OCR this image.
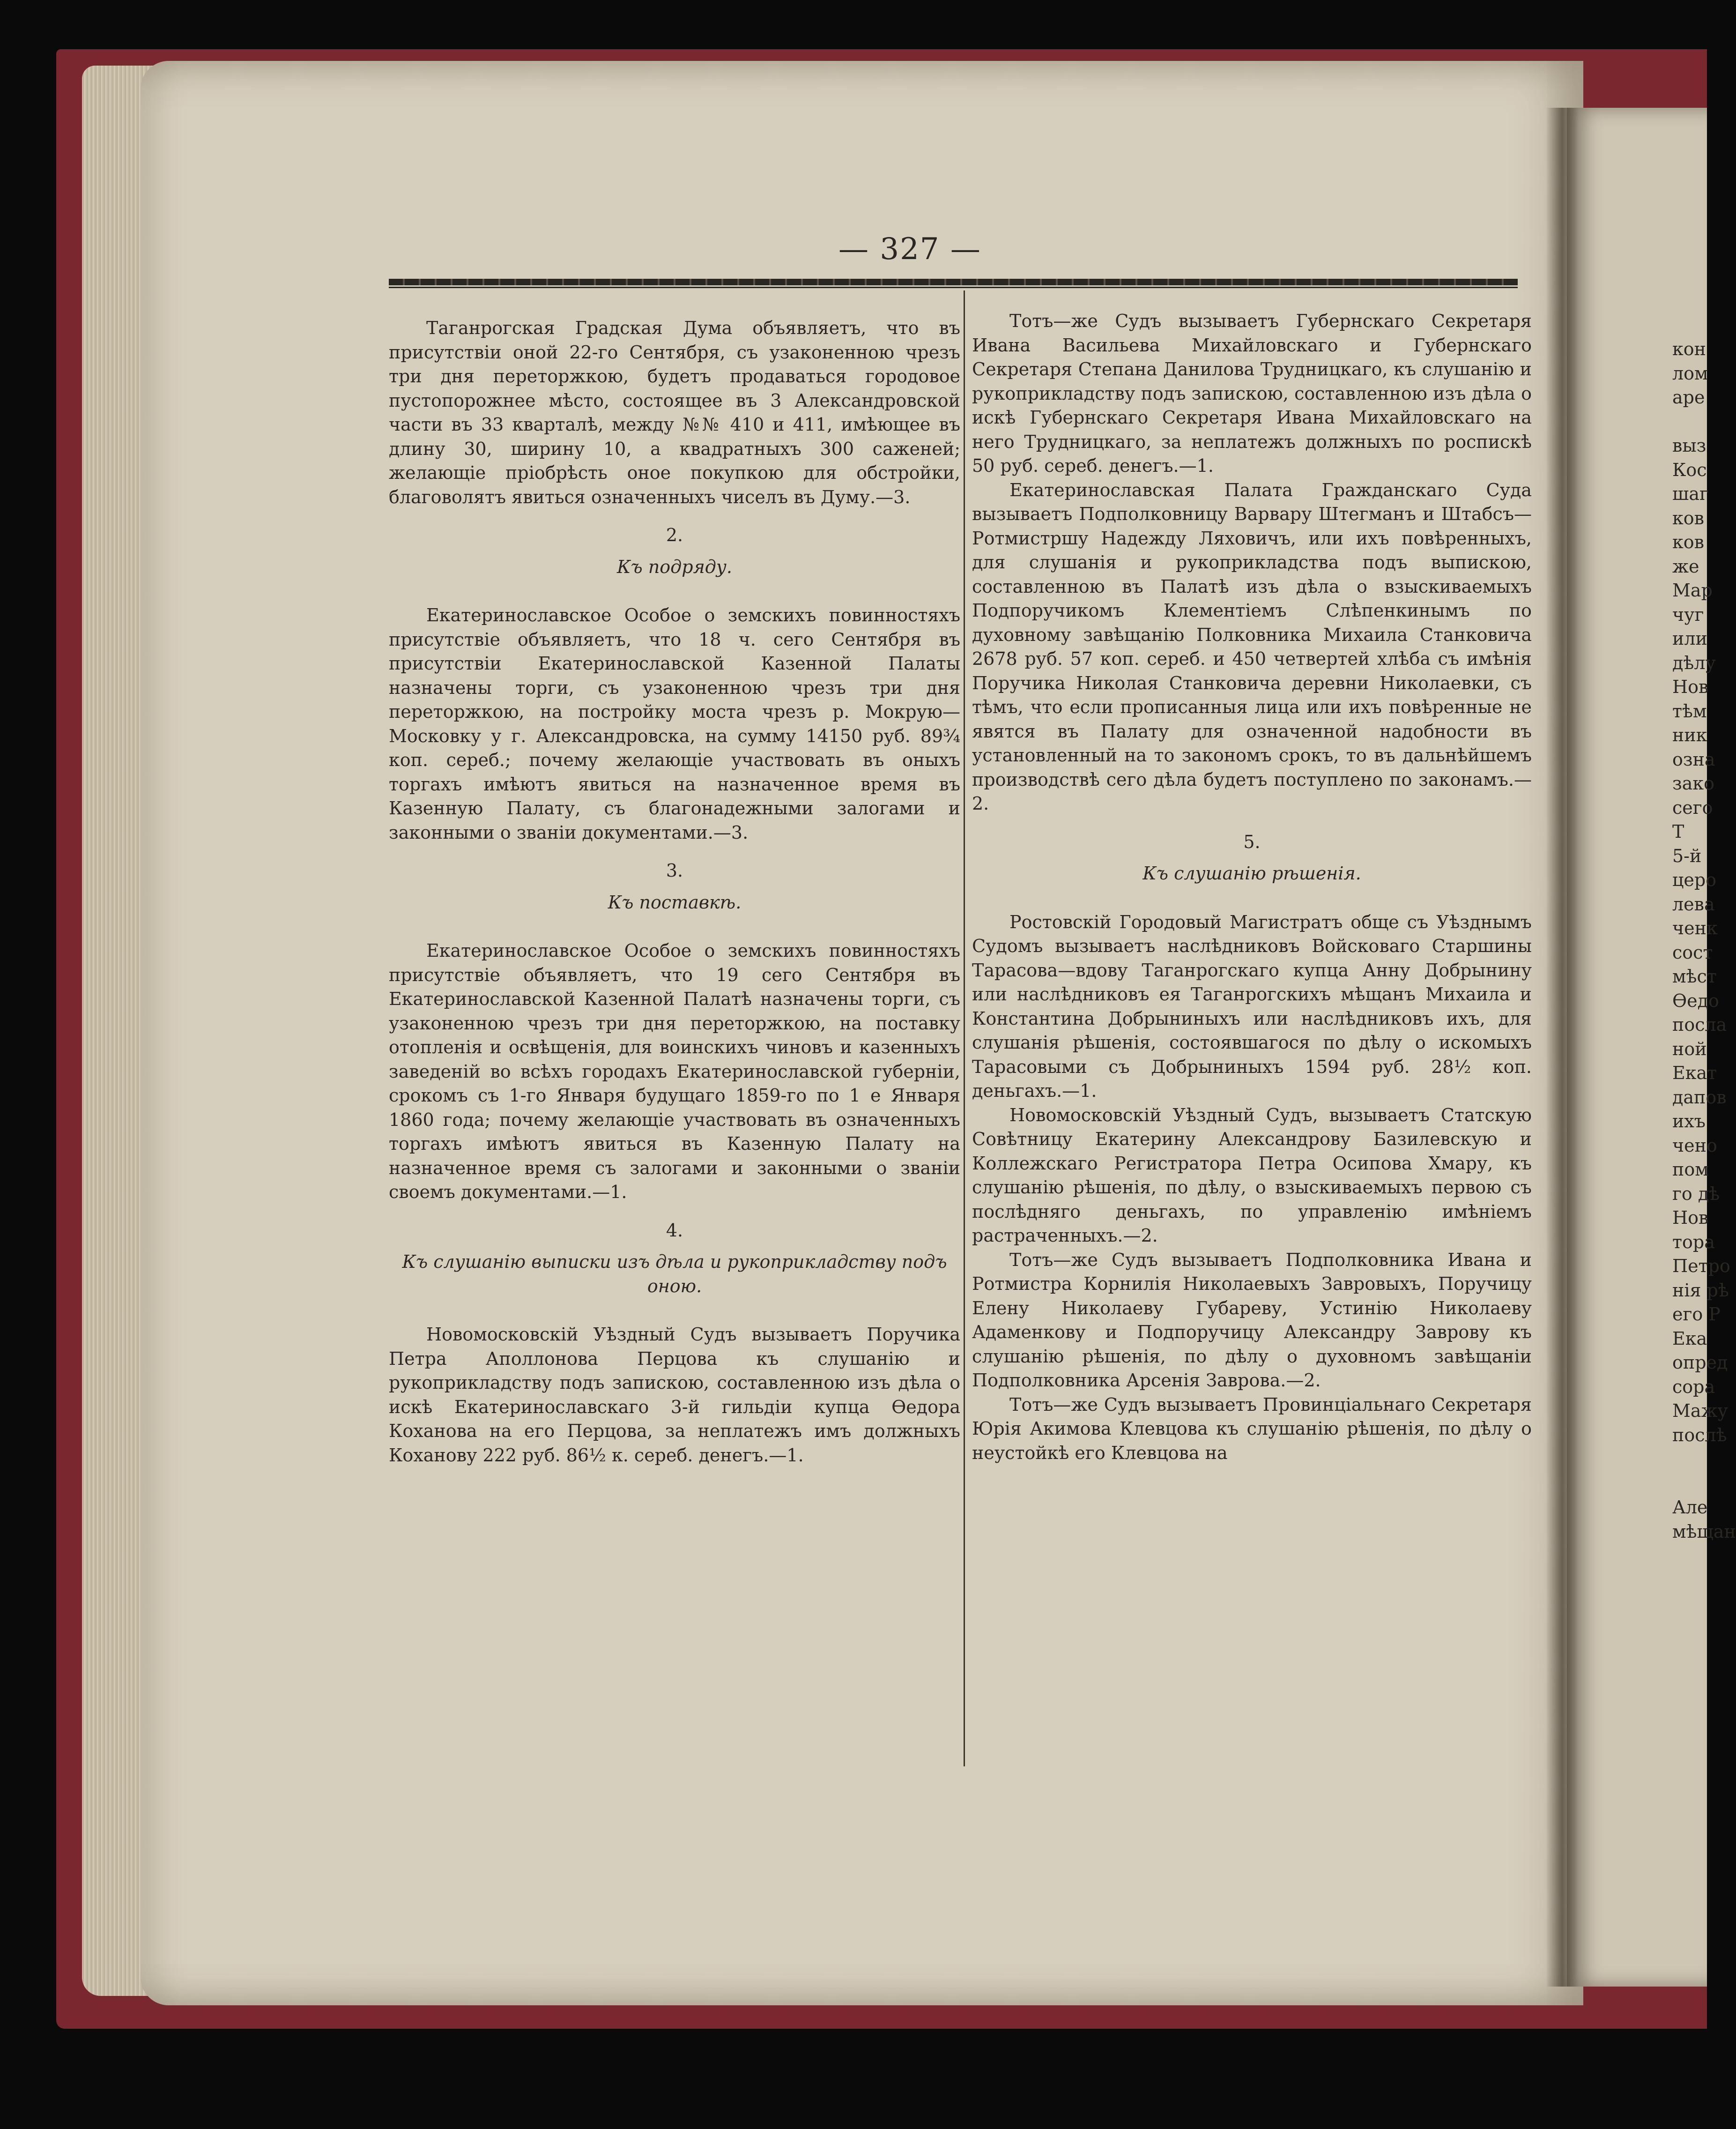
— 327 —

Таганрогская Градская Дума объявляетъ, что въ присутствіи оной 22-го Сентября, съ узаконенною чрезъ три дня переторжкою, будетъ продаваться городовое пустопорожнее мѣсто, состоящее въ 3 Александровской части въ 33 кварталѣ, между №№ 410 и 411, имѣющее въ длину 30, ширину 10, а квадратныхъ 300 саженей; желающіе пріобрѣсть оное покупкою для обстройки, благоволятъ явиться означенныхъ чиселъ въ Думу.—3.

2.

Къ подряду.

Екатеринославское Особое о земскихъ повинностяхъ присутствіе объявляетъ, что 18 ч. сего Сентября въ присутствіи Екатеринославской Казенной Палаты назначены торги, съ узаконенною чрезъ три дня переторжкою, на постройку моста чрезъ р. Мокрую—Московку у г. Александровска, на сумму 14150 руб. 89¾ коп. сереб.; почему желающіе участвовать въ оныхъ торгахъ имѣютъ явиться на назначенное время въ Казенную Палату, съ благонадежными залогами и законными о званіи документами.—3.

3.

Къ поставкѣ.

Екатеринославское Особое о земскихъ повинностяхъ присутствіе объявляетъ, что 19 сего Сентября въ Екатеринославской Казенной Палатѣ назначены торги, съ узаконенною чрезъ три дня переторжкою, на поставку отопленія и освѣщенія, для воинскихъ чиновъ и казенныхъ заведеній во всѣхъ городахъ Екатеринославской губерніи, срокомъ съ 1-го Января будущаго 1859-го по 1 е Января 1860 года; почему желающіе участвовать въ означенныхъ торгахъ имѣютъ явиться въ Казенную Палату на назначенное время съ залогами и законными о званіи своемъ документами.—1.

4.

Къ слушанію выписки изъ дѣла и рукоприкладству подъ оною.

Новомосковскій Уѣздный Судъ вызываетъ Поручика Петра Аполлонова Перцова къ слушанію и рукоприкладству подъ запискою, составленною изъ дѣла о искѣ Екатеринославскаго 3-й гильдіи купца Ѳедора Коханова на его Перцова, за неплатежъ имъ должныхъ Коханову 222 руб. 86½ к. сереб. денегъ.—1.

Тотъ—же Судъ вызываетъ Губернскаго Секретаря Ивана Васильева Михайловскаго и Губернскаго Секретаря Степана Данилова Трудницкаго, къ слушанію и рукоприкладству подъ запискою, составленною изъ дѣла о искѣ Губернскаго Секретаря Ивана Михайловскаго на него Трудницкаго, за неплатежъ должныхъ по роспискѣ 50 руб. сереб. денегъ.—1.

Екатеринославская Палата Гражданскаго Суда вызываетъ Подполковницу Варвару Штегманъ и Штабсъ—Ротмистршу Надежду Ляховичъ, или ихъ повѣренныхъ, для слушанія и рукоприкладства подъ выпискою, составленною въ Палатѣ изъ дѣла о взыскиваемыхъ Подпоручикомъ Клементіемъ Слѣпенкинымъ по духовному завѣщанію Полковника Михаила Станковича 2678 руб. 57 коп. сереб. и 450 четвертей хлѣба съ имѣнія Поручика Николая Станковича деревни Николаевки, съ тѣмъ, что если прописанныя лица или ихъ повѣренные не явятся въ Палату для означенной надобности въ установленный на то закономъ срокъ, то въ дальнѣйшемъ производствѣ сего дѣла будетъ поступлено по законамъ.—2.

5.

Къ слушанію рѣшенія.

Ростовскій Городовый Магистратъ обще съ Уѣзднымъ Судомъ вызываетъ наслѣдниковъ Войсковаго Старшины Тарасова—вдову Таганрогскаго купца Анну Добрынину или наслѣдниковъ ея Таганрогскихъ мѣщанъ Михаила и Константина Добрыниныхъ или наслѣдниковъ ихъ, для слушанія рѣшенія, состоявшагося по дѣлу о искомыхъ Тарасовыми съ Добрыниныхъ 1594 руб. 28½ коп. деньгахъ.—1.

Новомосковскій Уѣздный Судъ, вызываетъ Статскую Совѣтницу Екатерину Александрову Базилевскую и Коллежскаго Регистратора Петра Осипова Хмару, къ слушанію рѣшенія, по дѣлу, о взыскиваемыхъ первою съ послѣдняго деньгахъ, по управленію имѣніемъ растраченныхъ.—2.

Тотъ—же Судъ вызываетъ Подполковника Ивана и Ротмистра Корнилія Николаевыхъ Завровыхъ, Поручицу Елену Николаеву Губареву, Устинію Николаеву Адаменкову и Подпоручицу Александру Заврову къ слушанію рѣшенія, по дѣлу о духовномъ завѣщаніи Подполковника Арсенія Заврова.—2.

Тотъ—же Судъ вызываетъ Провинціальнаго Секретаря Юрія Акимова Клевцова къ слушанію рѣшенія, по дѣлу о неустойкѣ его Клевцова на

кон
лом
аре

выз
Кос
шаг
ков
ков
же
Мар
чуг
или
дѣлу
Нов
тѣм
ник
озна
зако
сего
Т
5-й
церо
лева
ченк
сост
мѣст
Ѳедо
посла
ной
Екат
дапов
ихъ
чено
пом
го дѣ
Нов
тора
Петро
нія рѣ
его Р
Ека
опред
сора
Мажу
послѣ

Але
мѣщан
